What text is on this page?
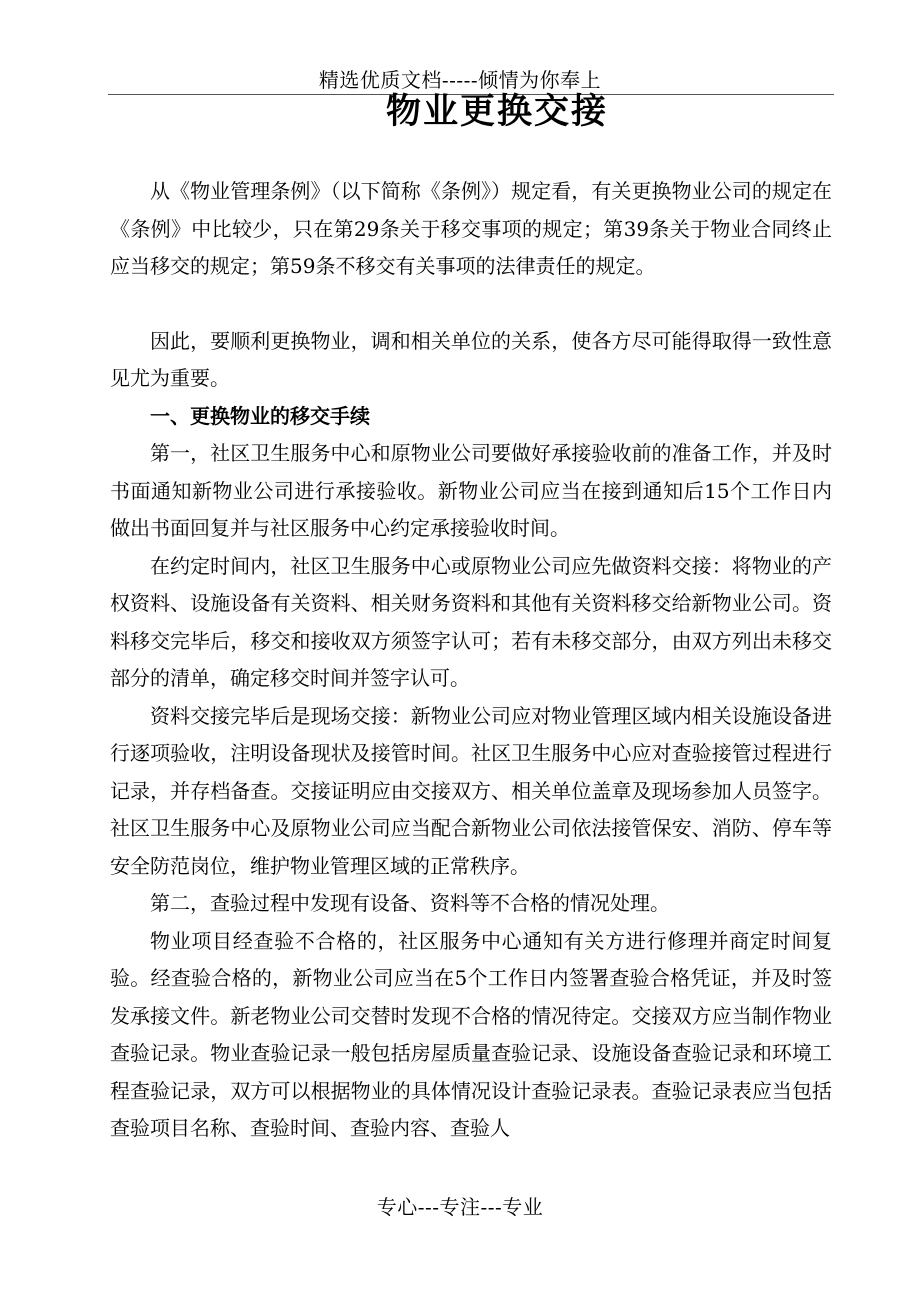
精选优质文档-----倾情为你奉上
物业更换交接

从《物业管理条例》（以下简称《条例》）规定看，有关更换物业公司的规定在《条例》中比较少，只在第29条关于移交事项的规定；第39条关于物业合同终止应当移交的规定；第59条不移交有关事项的法律责任的规定。

因此，要顺利更换物业，调和相关单位的关系，使各方尽可能得取得一致性意见尤为重要。

一、更换物业的移交手续

第一，社区卫生服务中心和原物业公司要做好承接验收前的准备工作，并及时书面通知新物业公司进行承接验收。新物业公司应当在接到通知后15个工作日内做出书面回复并与社区服务中心约定承接验收时间。

在约定时间内，社区卫生服务中心或原物业公司应先做资料交接：将物业的产权资料、设施设备有关资料、相关财务资料和其他有关资料移交给新物业公司。资料移交完毕后，移交和接收双方须签字认可；若有未移交部分，由双方列出未移交部分的清单，确定移交时间并签字认可。

资料交接完毕后是现场交接：新物业公司应对物业管理区域内相关设施设备进行逐项验收，注明设备现状及接管时间。社区卫生服务中心应对查验接管过程进行记录，并存档备查。交接证明应由交接双方、相关单位盖章及现场参加人员签字。社区卫生服务中心及原物业公司应当配合新物业公司依法接管保安、消防、停车等安全防范岗位，维护物业管理区域的正常秩序。

第二，查验过程中发现有设备、资料等不合格的情况处理。

物业项目经查验不合格的，社区服务中心通知有关方进行修理并商定时间复验。经查验合格的，新物业公司应当在5个工作日内签署查验合格凭证，并及时签发承接文件。新老物业公司交替时发现不合格的情况待定。交接双方应当制作物业查验记录。物业查验记录一般包括房屋质量查验记录、设施设备查验记录和环境工程查验记录，双方可以根据物业的具体情况设计查验记录表。查验记录表应当包括查验项目名称、查验时间、查验内容、查验人

专心---专注---专业
